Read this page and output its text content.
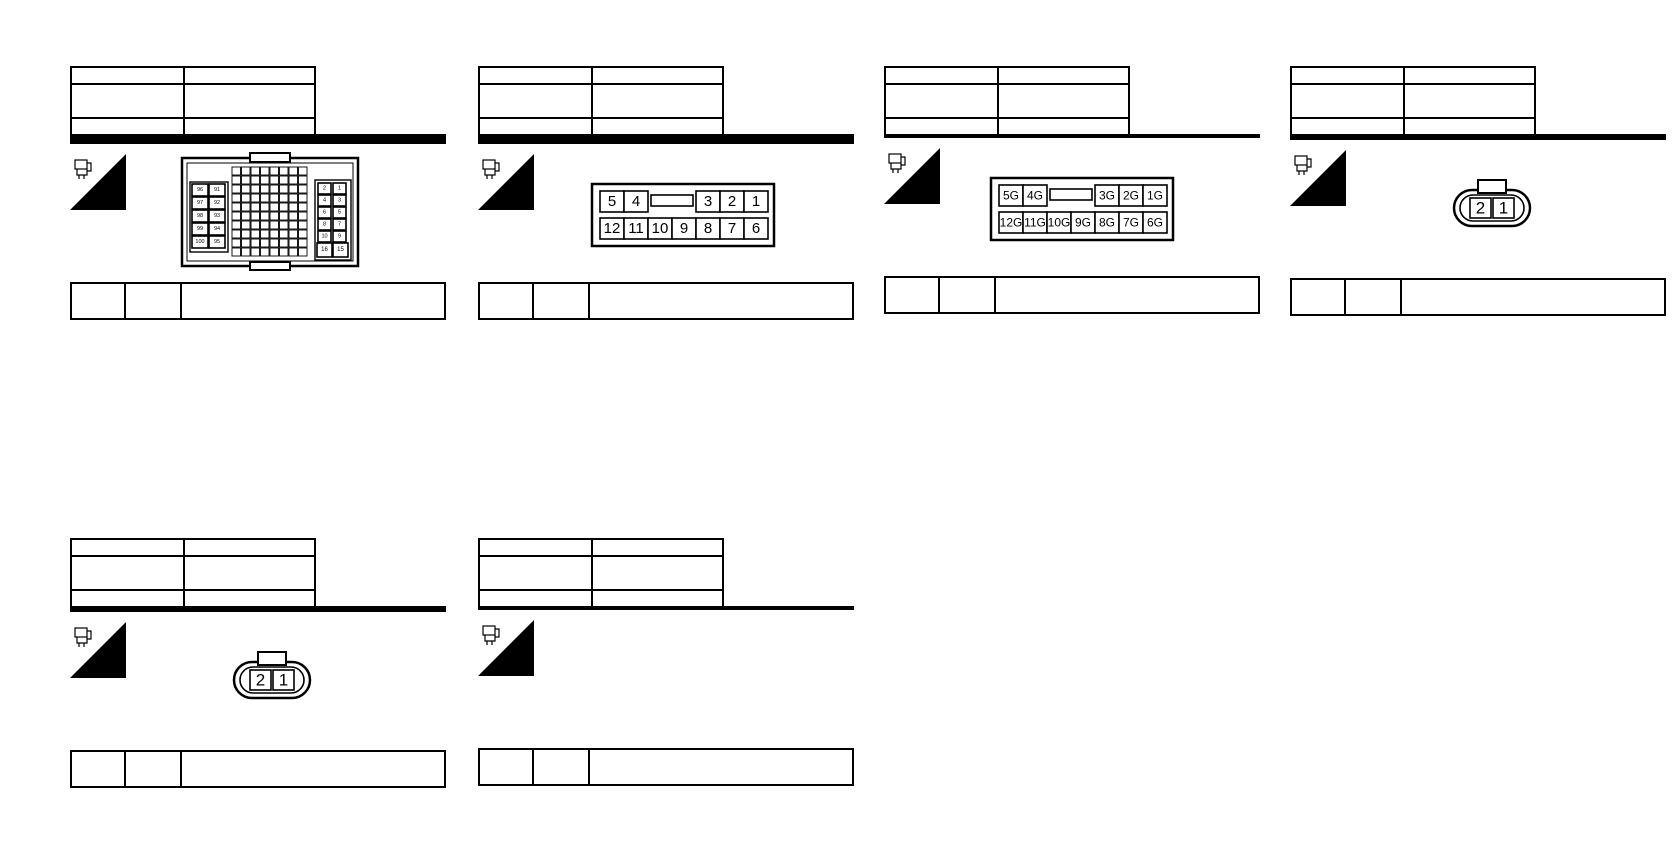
96 91
97 92
98 93
99 94
100 95
2 1
4 3
6 5
8 7
10 9
16 15

12 11 10 9 8 7 6
5 4	3 2 1

12G 11G 10G 9G 8G 7G 6G
5G 4G	3G 2G 1G

2 1

2 1
